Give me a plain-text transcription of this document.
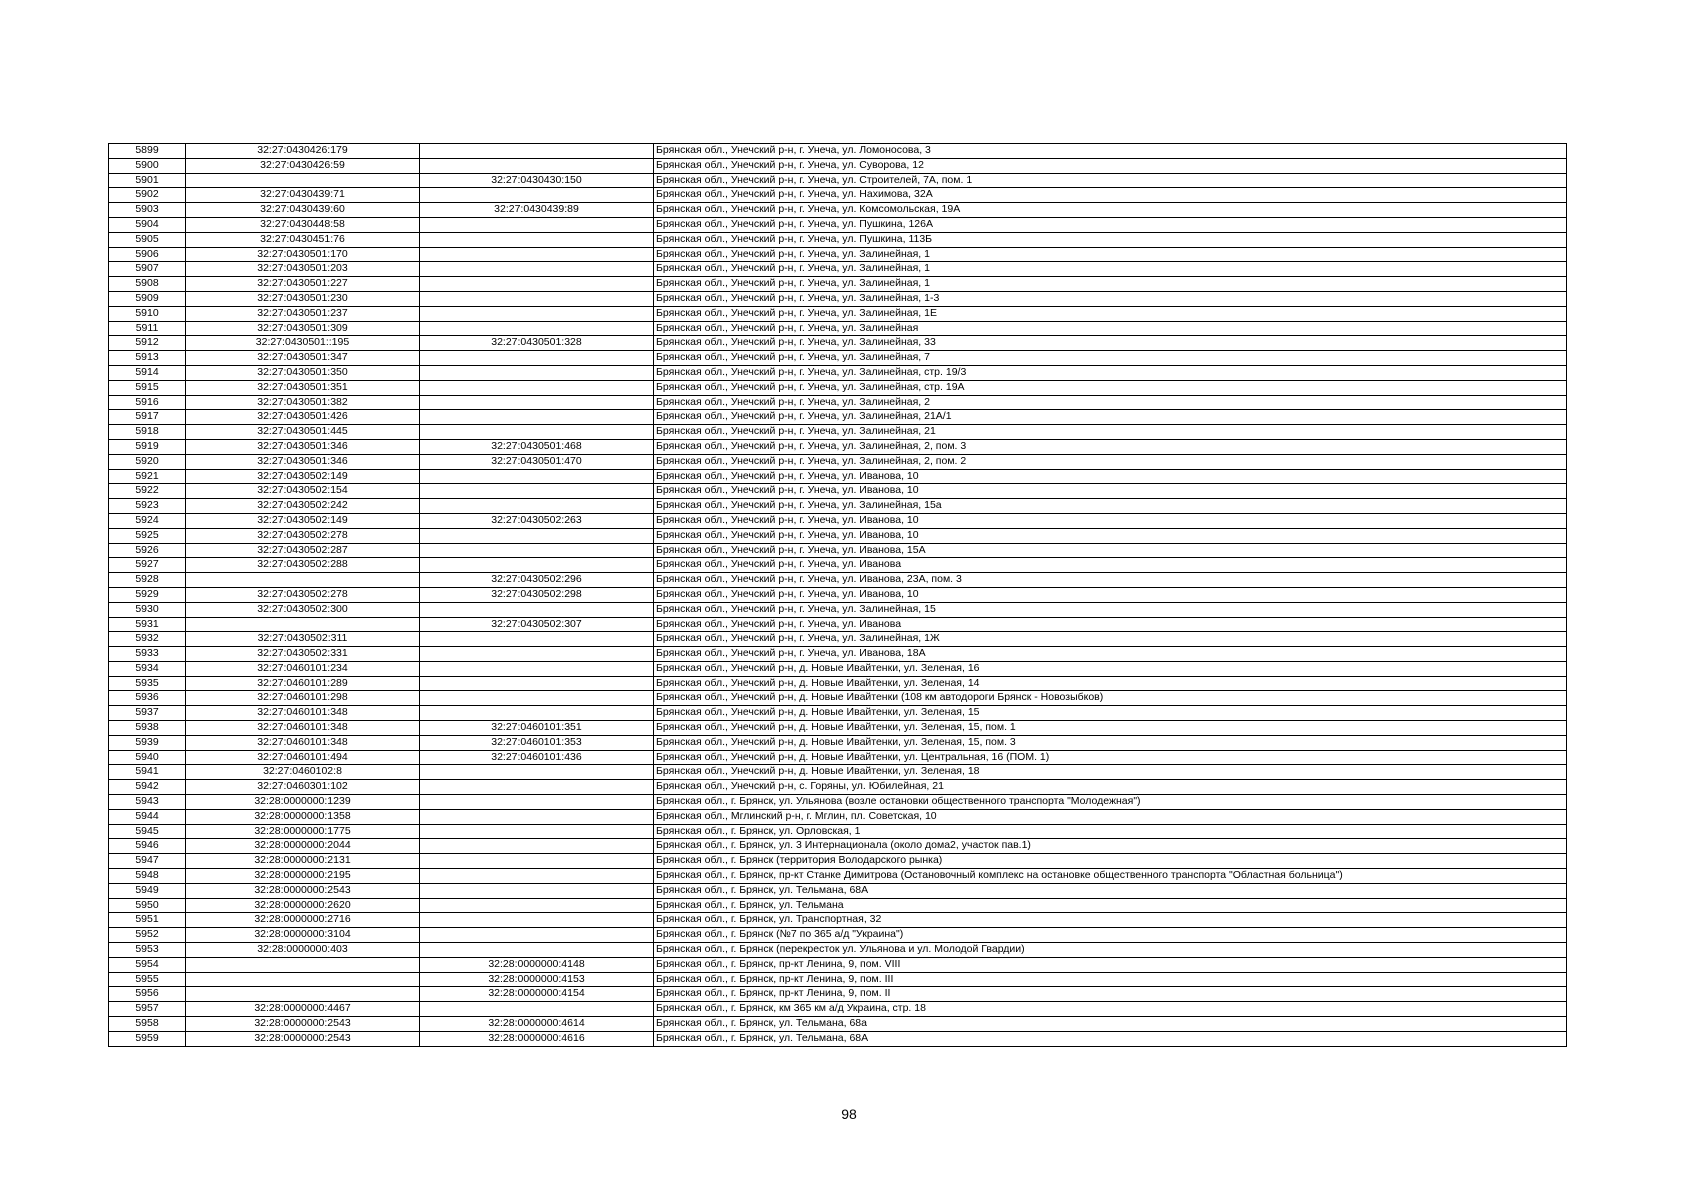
5899	32:27:0430426:179		Брянская обл., Унечский р-н, г. Унеча, ул. Ломоносова, 3
5900	32:27:0430426:59		Брянская обл., Унечский р-н, г. Унеча, ул. Суворова, 12
5901		32:27:0430430:150	Брянская обл., Унечский р-н, г. Унеча, ул. Строителей, 7А, пом. 1
5902	32:27:0430439:71		Брянская обл., Унечский р-н, г. Унеча, ул. Нахимова, 32А
5903	32:27:0430439:60	32:27:0430439:89	Брянская обл., Унечский р-н, г. Унеча, ул. Комсомольская, 19А
5904	32:27:0430448:58		Брянская обл., Унечский р-н, г. Унеча, ул. Пушкина, 126А
5905	32:27:0430451:76		Брянская обл., Унечский р-н, г. Унеча, ул. Пушкина, 113Б
5906	32:27:0430501:170		Брянская обл., Унечский р-н, г. Унеча, ул. Залинейная, 1
5907	32:27:0430501:203		Брянская обл., Унечский р-н, г. Унеча, ул. Залинейная, 1
5908	32:27:0430501:227		Брянская обл., Унечский р-н, г. Унеча, ул. Залинейная, 1
5909	32:27:0430501:230		Брянская обл., Унечский р-н, г. Унеча, ул. Залинейная, 1-3
5910	32:27:0430501:237		Брянская обл., Унечский р-н, г. Унеча, ул. Залинейная, 1Е
5911	32:27:0430501:309		Брянская обл., Унечский р-н, г. Унеча, ул. Залинейная
5912	32:27:0430501::195	32:27:0430501:328	Брянская обл., Унечский р-н, г. Унеча, ул. Залинейная, 33
5913	32:27:0430501:347		Брянская обл., Унечский р-н, г. Унеча, ул. Залинейная, 7
5914	32:27:0430501:350		Брянская обл., Унечский р-н, г. Унеча, ул. Залинейная, стр. 19/3
5915	32:27:0430501:351		Брянская обл., Унечский р-н, г. Унеча, ул. Залинейная, стр. 19А
5916	32:27:0430501:382		Брянская обл., Унечский р-н, г. Унеча, ул. Залинейная, 2
5917	32:27:0430501:426		Брянская обл., Унечский р-н, г. Унеча, ул. Залинейная, 21А/1
5918	32:27:0430501:445		Брянская обл., Унечский р-н, г. Унеча, ул. Залинейная, 21
5919	32:27:0430501:346	32:27:0430501:468	Брянская обл., Унечский р-н, г. Унеча, ул. Залинейная, 2, пом. 3
5920	32:27:0430501:346	32:27:0430501:470	Брянская обл., Унечский р-н, г. Унеча, ул. Залинейная, 2, пом. 2
5921	32:27:0430502:149		Брянская обл., Унечский р-н, г. Унеча, ул. Иванова, 10
5922	32:27:0430502:154		Брянская обл., Унечский р-н, г. Унеча, ул. Иванова, 10
5923	32:27:0430502:242		Брянская обл., Унечский р-н, г. Унеча, ул. Залинейная, 15а
5924	32:27:0430502:149	32:27:0430502:263	Брянская обл., Унечский р-н, г. Унеча, ул. Иванова, 10
5925	32:27:0430502:278		Брянская обл., Унечский р-н, г. Унеча, ул. Иванова, 10
5926	32:27:0430502:287		Брянская обл., Унечский р-н, г. Унеча, ул. Иванова, 15А
5927	32:27:0430502:288		Брянская обл., Унечский р-н, г. Унеча, ул. Иванова
5928		32:27:0430502:296	Брянская обл., Унечский р-н, г. Унеча, ул. Иванова, 23А, пом. 3
5929	32:27:0430502:278	32:27:0430502:298	Брянская обл., Унечский р-н, г. Унеча, ул. Иванова, 10
5930	32:27:0430502:300		Брянская обл., Унечский р-н, г. Унеча, ул. Залинейная, 15
5931		32:27:0430502:307	Брянская обл., Унечский р-н, г. Унеча, ул. Иванова
5932	32:27:0430502:311		Брянская обл., Унечский р-н, г. Унеча, ул. Залинейная, 1Ж
5933	32:27:0430502:331		Брянская обл., Унечский р-н, г. Унеча, ул. Иванова, 18А
5934	32:27:0460101:234		Брянская обл., Унечский р-н, д. Новые Ивайтенки, ул. Зеленая, 16
5935	32:27:0460101:289		Брянская обл., Унечский р-н, д. Новые Ивайтенки, ул. Зеленая, 14
5936	32:27:0460101:298		Брянская обл., Унечский р-н, д. Новые Ивайтенки (108 км автодороги Брянск - Новозыбков)
5937	32:27:0460101:348		Брянская обл., Унечский р-н, д. Новые Ивайтенки, ул. Зеленая, 15
5938	32:27:0460101:348	32:27:0460101:351	Брянская обл., Унечский р-н, д. Новые Ивайтенки, ул. Зеленая, 15, пом. 1
5939	32:27:0460101:348	32:27:0460101:353	Брянская обл., Унечский р-н, д. Новые Ивайтенки, ул. Зеленая, 15, пом. 3
5940	32:27:0460101:494	32:27:0460101:436	Брянская обл., Унечский р-н, д. Новые Ивайтенки, ул. Центральная, 16 (ПОМ. 1)
5941	32:27:0460102:8		Брянская обл., Унечский р-н, д. Новые Ивайтенки, ул. Зеленая, 18
5942	32:27:0460301:102		Брянская обл., Унечский р-н, с. Горяны, ул. Юбилейная, 21
5943	32:28:0000000:1239		Брянская обл., г. Брянск, ул. Ульянова (возле остановки общественного транспорта "Молодежная")
5944	32:28:0000000:1358		Брянская обл., Мглинский р-н, г. Мглин, пл. Советская, 10
5945	32:28:0000000:1775		Брянская обл., г. Брянск, ул. Орловская, 1
5946	32:28:0000000:2044		Брянская обл., г. Брянск, ул. 3 Интернационала (около дома2, участок пав.1)
5947	32:28:0000000:2131		Брянская обл., г. Брянск (территория Володарского рынка)
5948	32:28:0000000:2195		Брянская обл., г. Брянск, пр-кт Станке Димитрова (Остановочный комплекс на остановке общественного транспорта "Областная больница")
5949	32:28:0000000:2543		Брянская обл., г. Брянск, ул. Тельмана, 68А
5950	32:28:0000000:2620		Брянская обл., г. Брянск, ул. Тельмана
5951	32:28:0000000:2716		Брянская обл., г. Брянск, ул. Транспортная, 32
5952	32:28:0000000:3104		Брянская обл., г. Брянск (№7 по 365 а/д "Украина")
5953	32:28:0000000:403		Брянская обл., г. Брянск (перекресток ул. Ульянова и ул. Молодой Гвардии)
5954		32:28:0000000:4148	Брянская обл., г. Брянск, пр-кт Ленина, 9, пом. VIII
5955		32:28:0000000:4153	Брянская обл., г. Брянск, пр-кт Ленина, 9, пом. III
5956		32:28:0000000:4154	Брянская обл., г. Брянск, пр-кт Ленина, 9, пом. II
5957	32:28:0000000:4467		Брянская обл., г. Брянск, км 365 км а/д Украина, стр. 18
5958	32:28:0000000:2543	32:28:0000000:4614	Брянская обл., г. Брянск, ул. Тельмана, 68а
5959	32:28:0000000:2543	32:28:0000000:4616	Брянская обл., г. Брянск, ул. Тельмана, 68А
98
